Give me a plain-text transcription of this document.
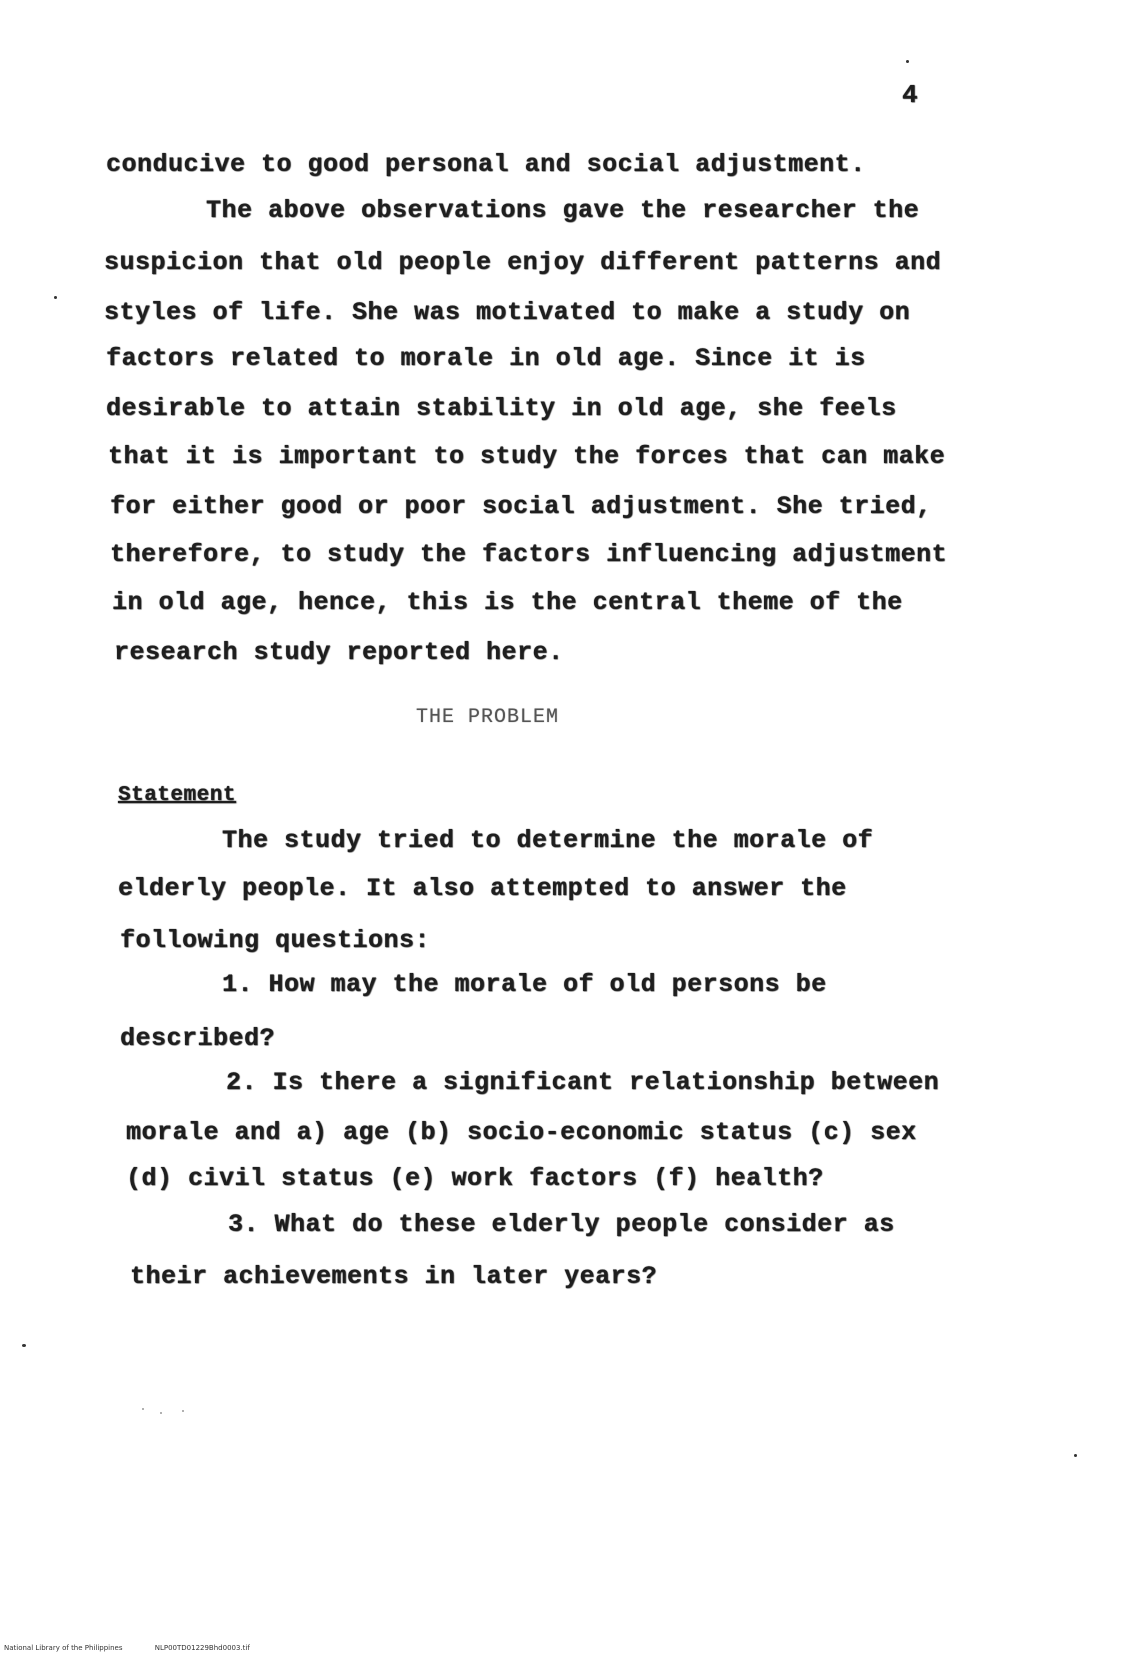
4
conducive to good personal and social adjustment.
The above observations gave the researcher the
suspicion that old people enjoy different patterns and
styles of life. She was motivated to make a study on
factors related to morale in old age. Since it is
desirable to attain stability in old age, she feels
that it is important to study the forces that can make
for either good or poor social adjustment. She tried,
therefore, to study the factors influencing adjustment
in old age, hence, this is the central theme of the
research study reported here.
THE PROBLEM
Statement
The study tried to determine the morale of
elderly people. It also attempted to answer the
following questions:
1. How may the morale of old persons be
described?
2. Is there a significant relationship between
morale and a) age (b) socio-economic status (c) sex
(d) civil status (e) work factors (f) health?
3. What do these elderly people consider as
their achievements in later years?
National Library of the Philippines	NLP00TD01229Bhd0003.tif
